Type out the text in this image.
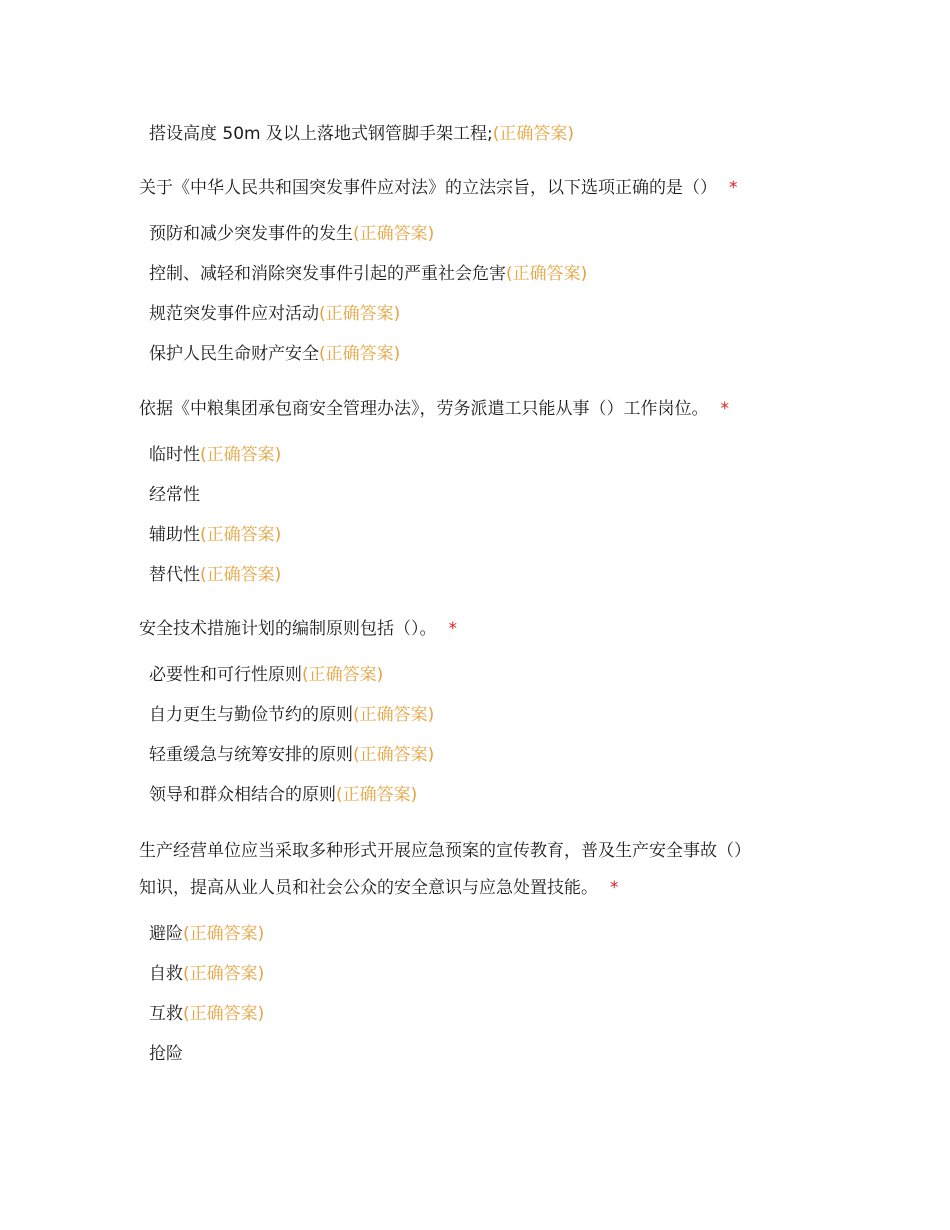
搭设高度 50m 及以上落地式钢管脚手架工程;(正确答案)
关于《中华人民共和国突发事件应对法》的立法宗旨，以下选项正确的是（） *
预防和减少突发事件的发生(正确答案)
控制、减轻和消除突发事件引起的严重社会危害(正确答案)
规范突发事件应对活动(正确答案)
保护人民生命财产安全(正确答案)
依据《中粮集团承包商安全管理办法》，劳务派遣工只能从事（）工作岗位。 *
临时性(正确答案)
经常性
辅助性(正确答案)
替代性(正确答案)
安全技术措施计划的编制原则包括（）。 *
必要性和可行性原则(正确答案)
自力更生与勤俭节约的原则(正确答案)
轻重缓急与统筹安排的原则(正确答案)
领导和群众相结合的原则(正确答案)
生产经营单位应当采取多种形式开展应急预案的宣传教育，普及生产安全事故（）
知识，提高从业人员和社会公众的安全意识与应急处置技能。 *
避险(正确答案)
自救(正确答案)
互救(正确答案)
抢险
